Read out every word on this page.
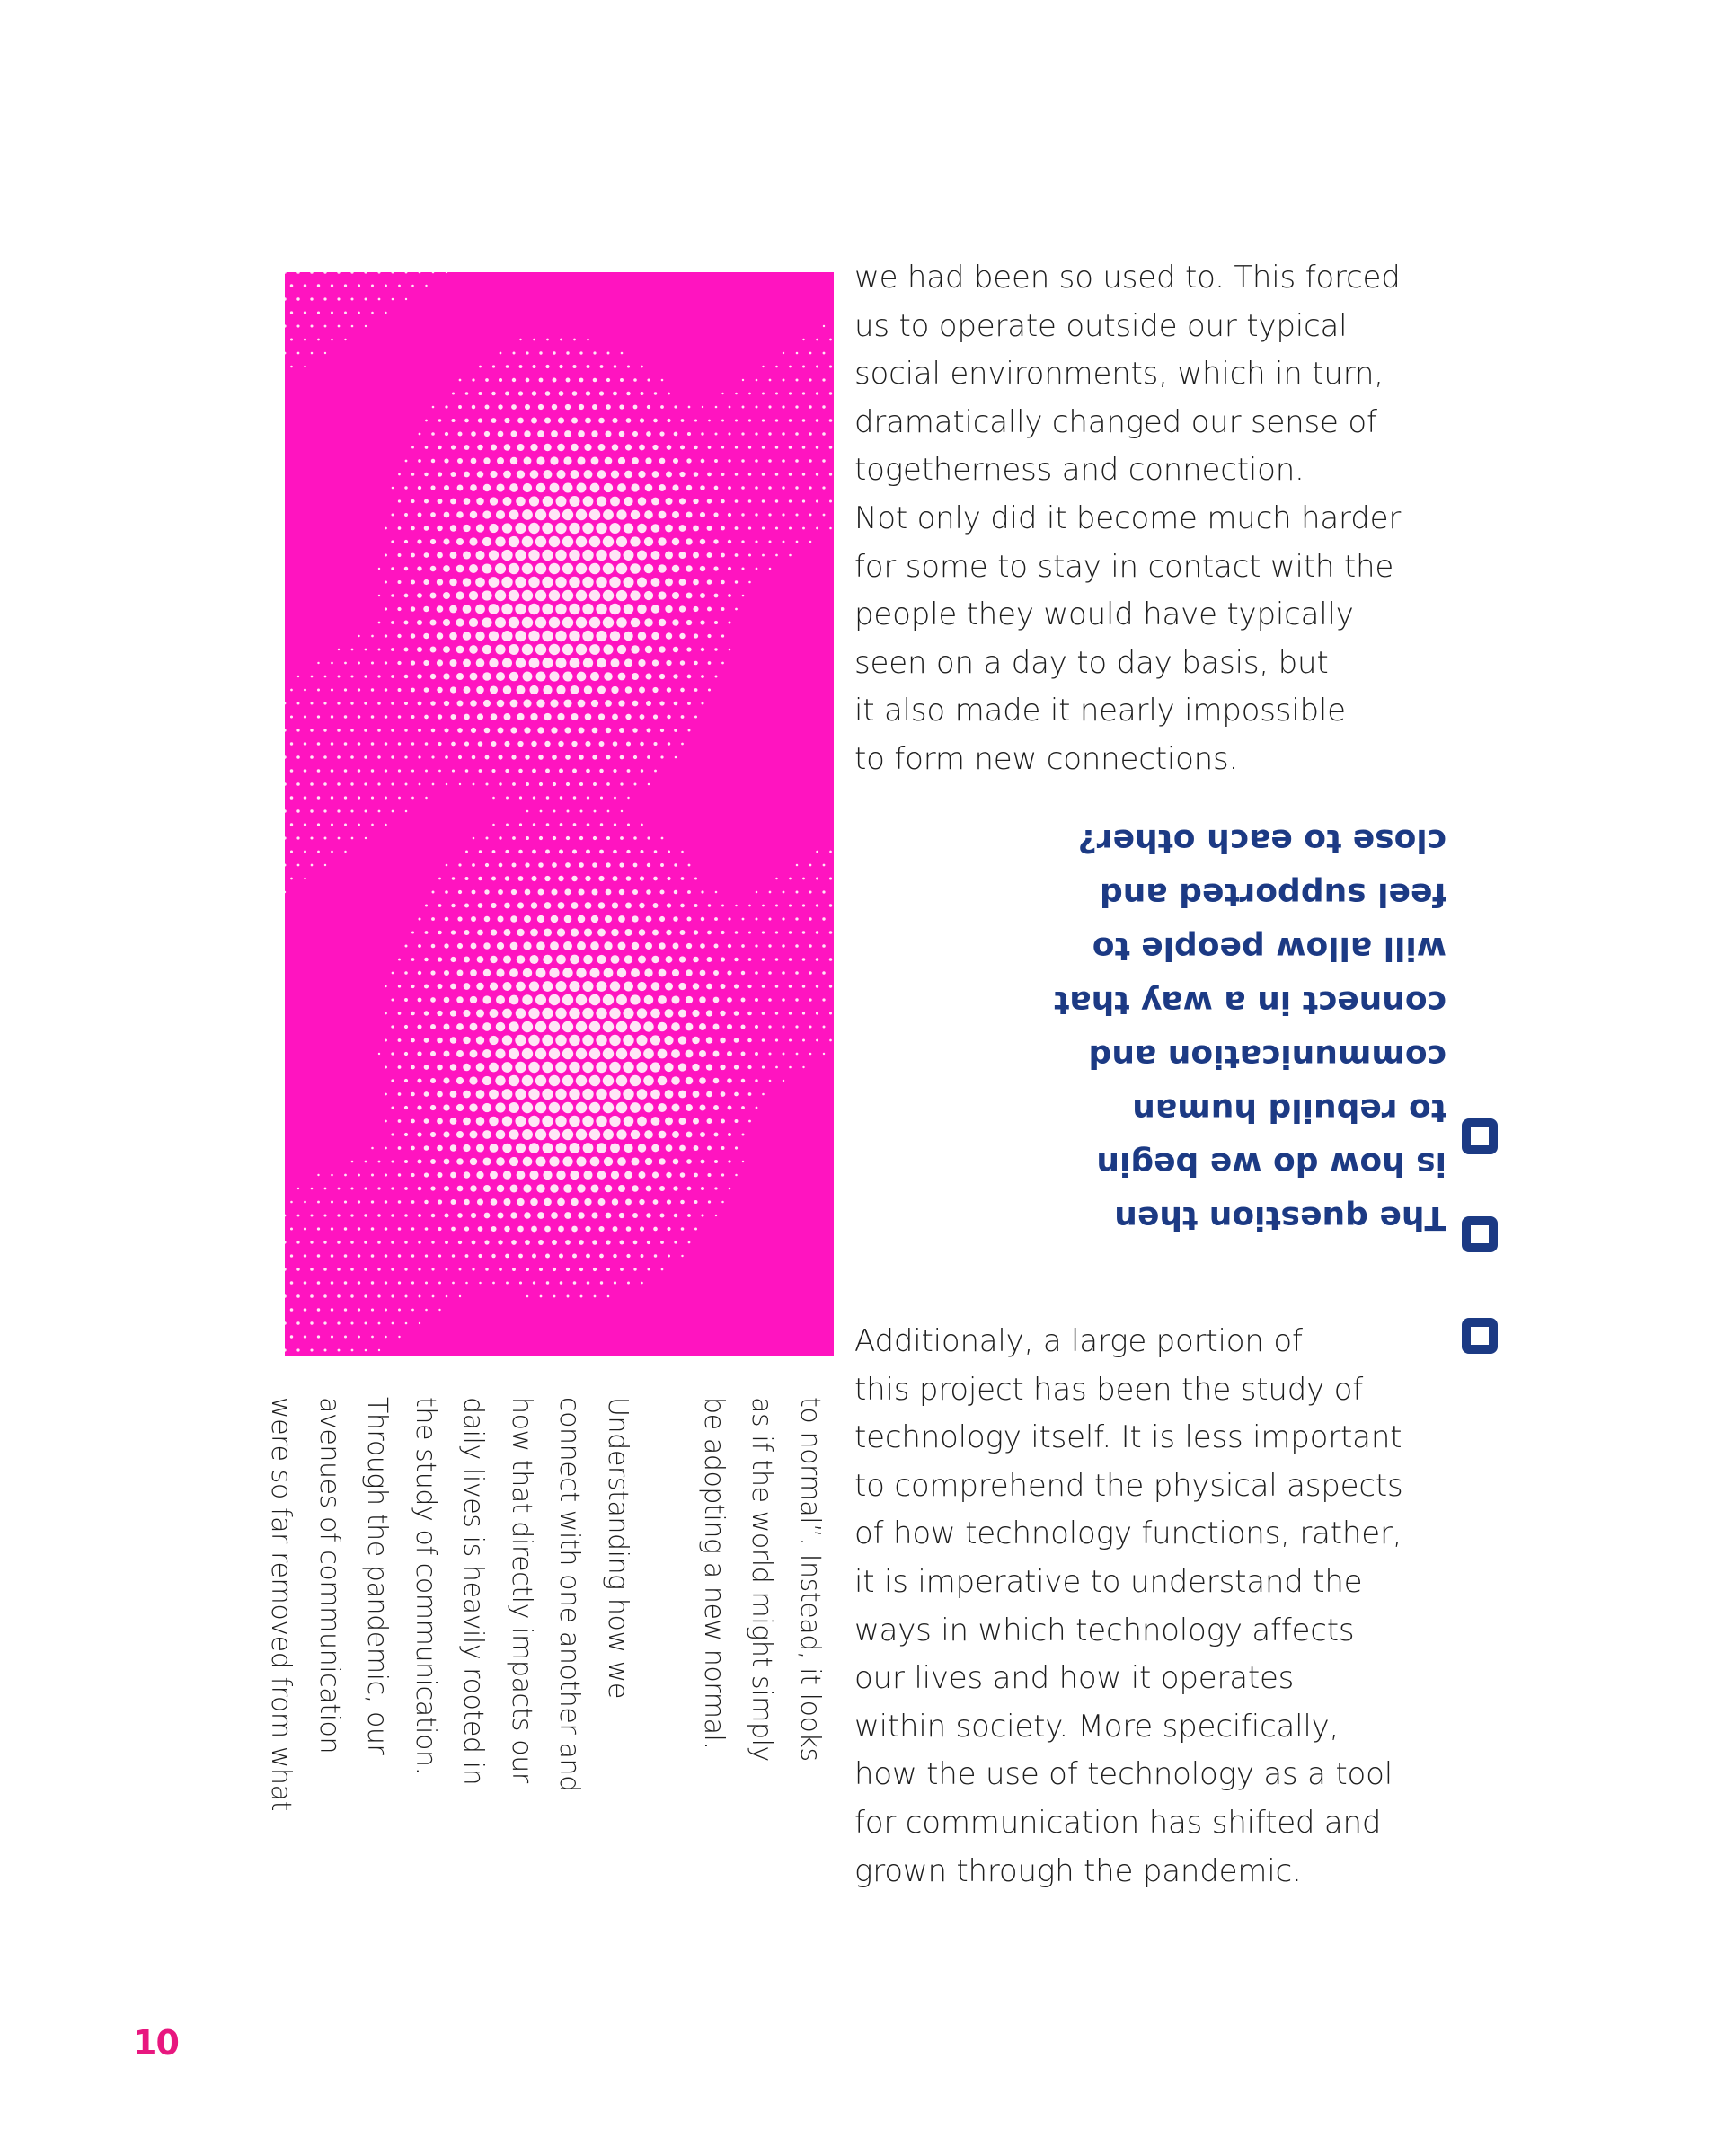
we had been so used to. This forced

us to operate outside our typical

social environments, which in turn,

dramatically changed our sense of

togetherness and connection.

Not only did it become much harder

for some to stay in contact with the

people they would have typically

seen on a day to day basis, but

it also made it nearly impossible

to form new connections.

The question then

is how do we begin

to rebuild human

communication and

connect in a way that

will allow people to

feel supported and

close to each other?

Additionaly, a large portion of

this project has been the study of

technology itself. It is less important

to comprehend the physical aspects

of how technology functions, rather,

it is imperative to understand the

ways in which technology affects

our lives and how it operates

within society. More specifically,

how the use of technology as a tool

for communication has shifted and

grown through the pandemic.

to normal”. Instead, it looks

as if the world might simply

be adopting a new normal.

Understanding how we

connect with one another and

how that directly impacts our

daily lives is heavily rooted in

the study of communication.

Through the pandemic, our

avenues of communication

were so far removed from what

10
